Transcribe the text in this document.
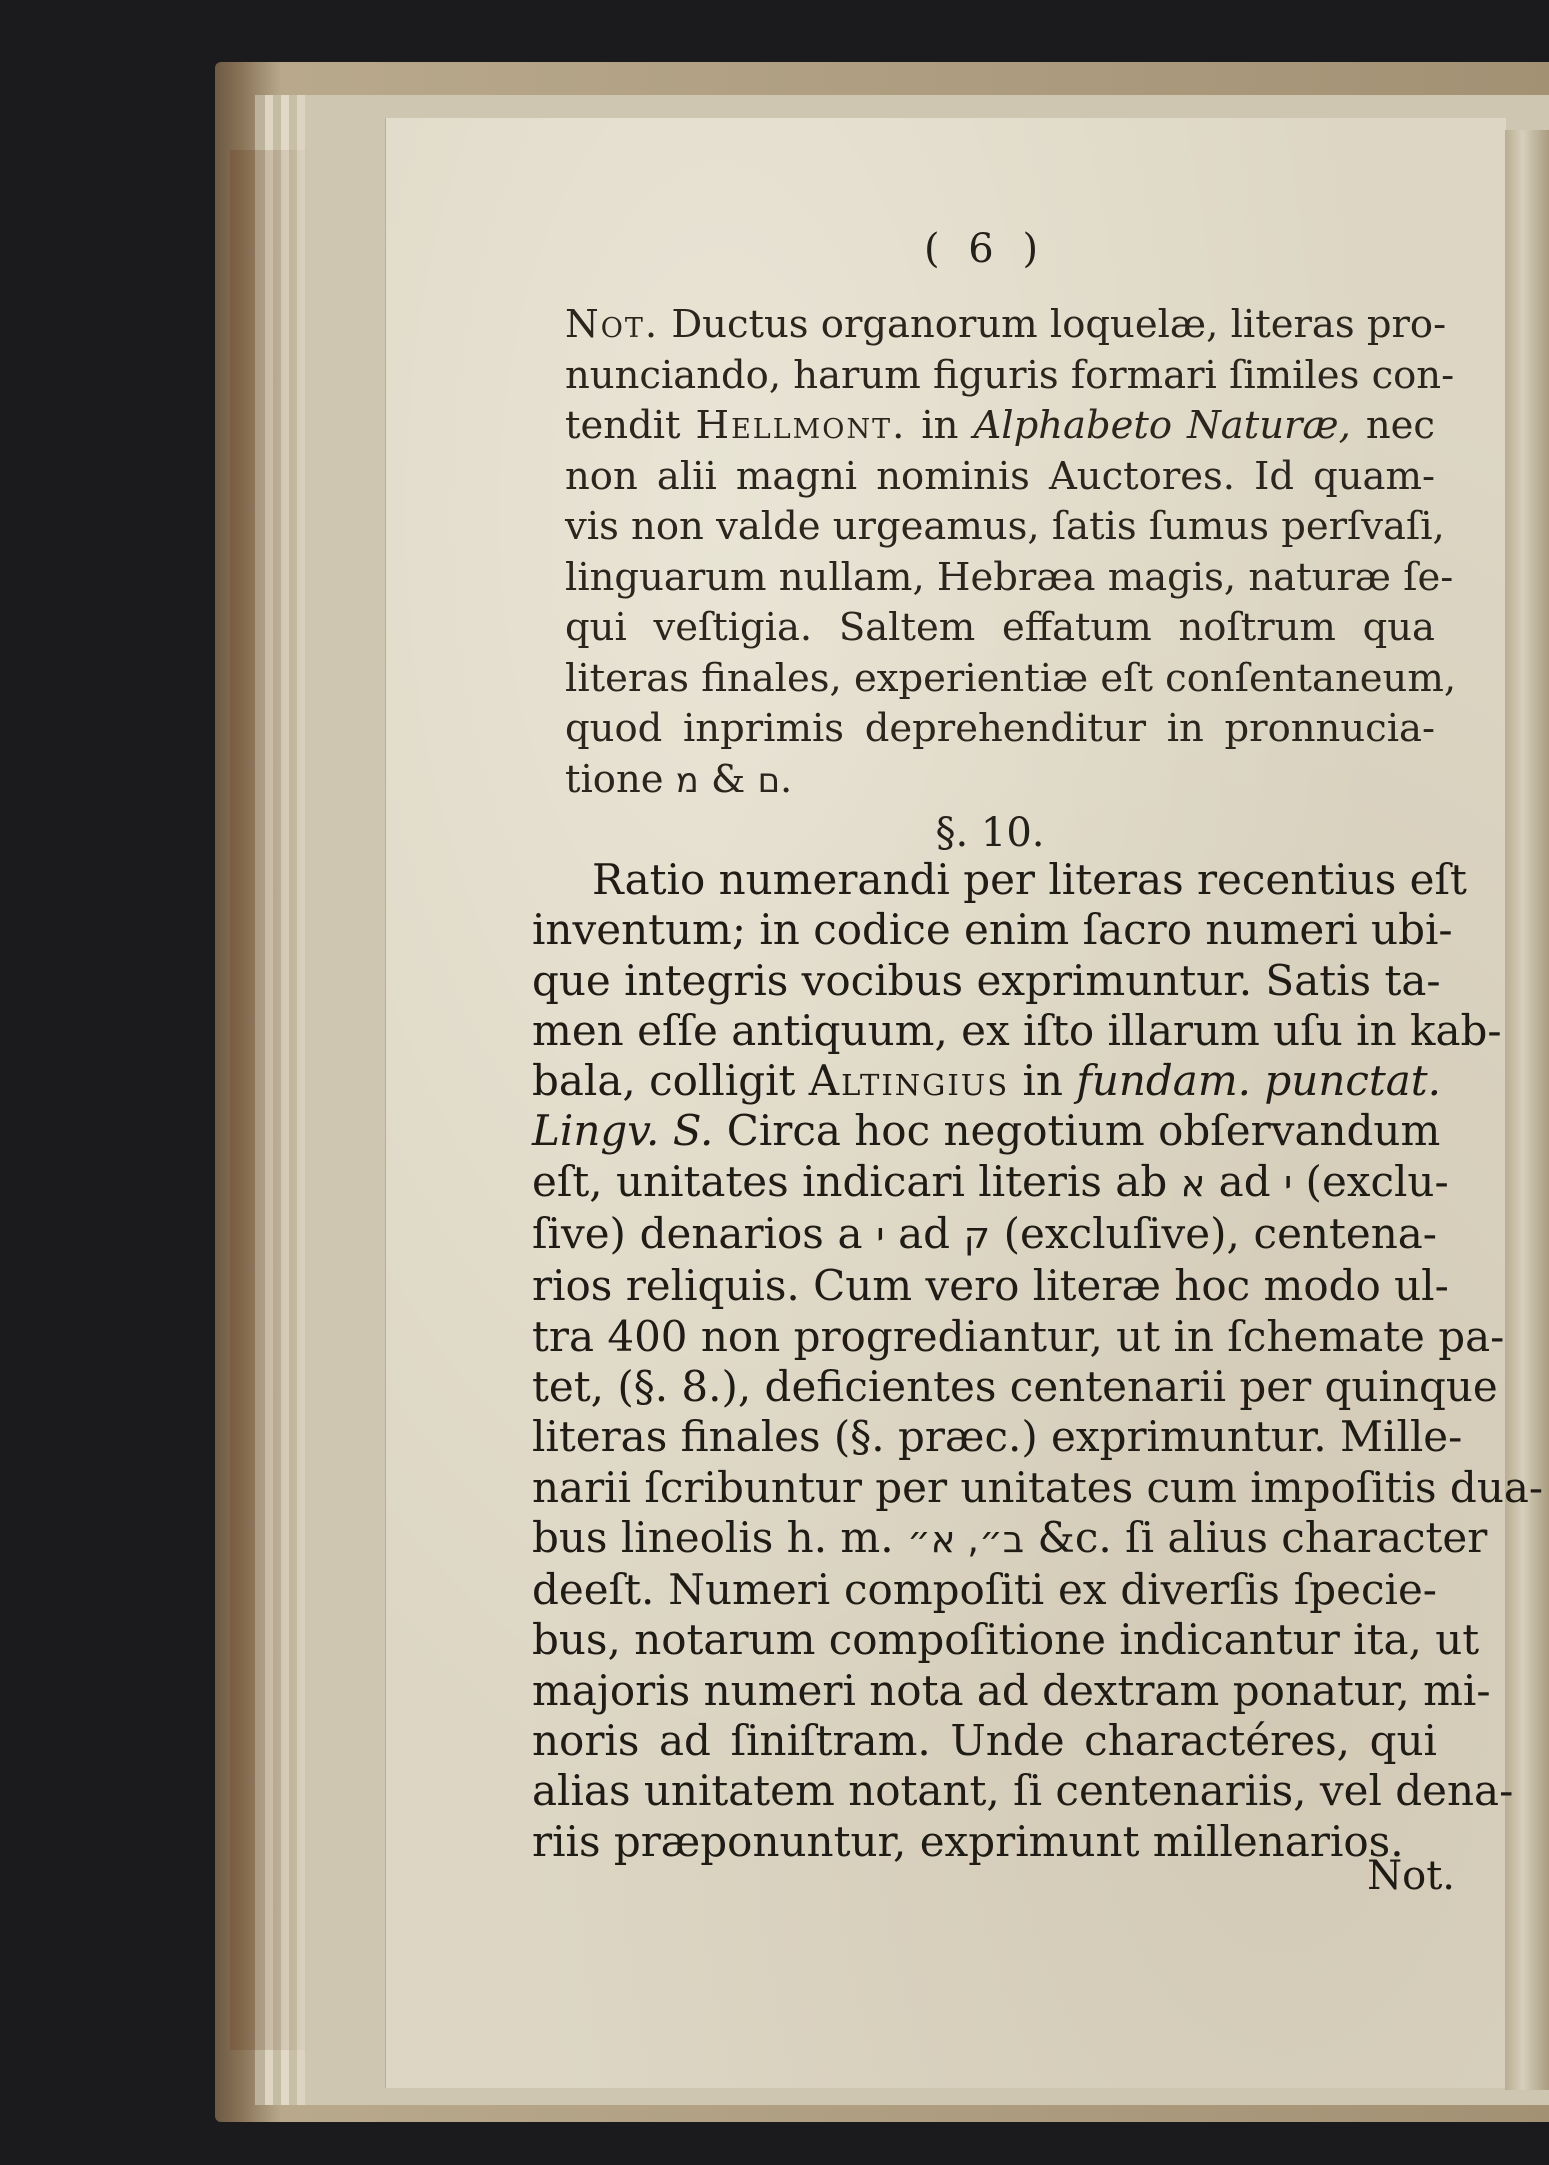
( 6 )
Not. Ductus organorum loquelæ, literas pro-
nunciando, harum figuris formari ſimiles con-
tendit Hellmont. in Alphabeto Naturæ, nec
non alii magni nominis Auctores. Id quam-
vis non valde urgeamus, ſatis ſumus perſvaſi,
linguarum nullam, Hebræa magis, naturæ ſe-
qui veſtigia. Saltem effatum noſtrum qua
literas finales, experientiæ eſt conſentaneum,
quod inprimis deprehenditur in pronnucia-
tione ם & מ .
§. 10.
Ratio numerandi per literas recentius eſt
inventum; in codice enim ſacro numeri ubi-
que integris vocibus exprimuntur. Satis ta-
men eſſe antiquum, ex iſto illarum uſu in kab-
bala, colligit Altingius in fundam. punctat.
Lingv. S. Circa hoc negotium obſervandum
eſt, unitates indicari literis ab א ad י (exclu-
ſive) denarios a י ad ק (excluſive), centena-
rios reliquis. Cum vero literæ hoc modo ul-
tra 400 non progrediantur, ut in ſchemate pa-
tet, (§. 8.), deficientes centenarii per quinque
literas finales (§. præc.) exprimuntur. Mille-
narii ſcribuntur per unitates cum impoſitis dua-
bus lineolis h. m. ב״, א״ &c. ſi alius character
deeſt. Numeri compoſiti ex diverſis ſpecie-
bus, notarum compoſitione indicantur ita, ut
majoris numeri nota ad dextram ponatur, mi-
noris ad ſiniſtram. Unde charactéres, qui
alias unitatem notant, ſi centenariis, vel dena-
riis præponuntur, exprimunt millenarios.
Not.
